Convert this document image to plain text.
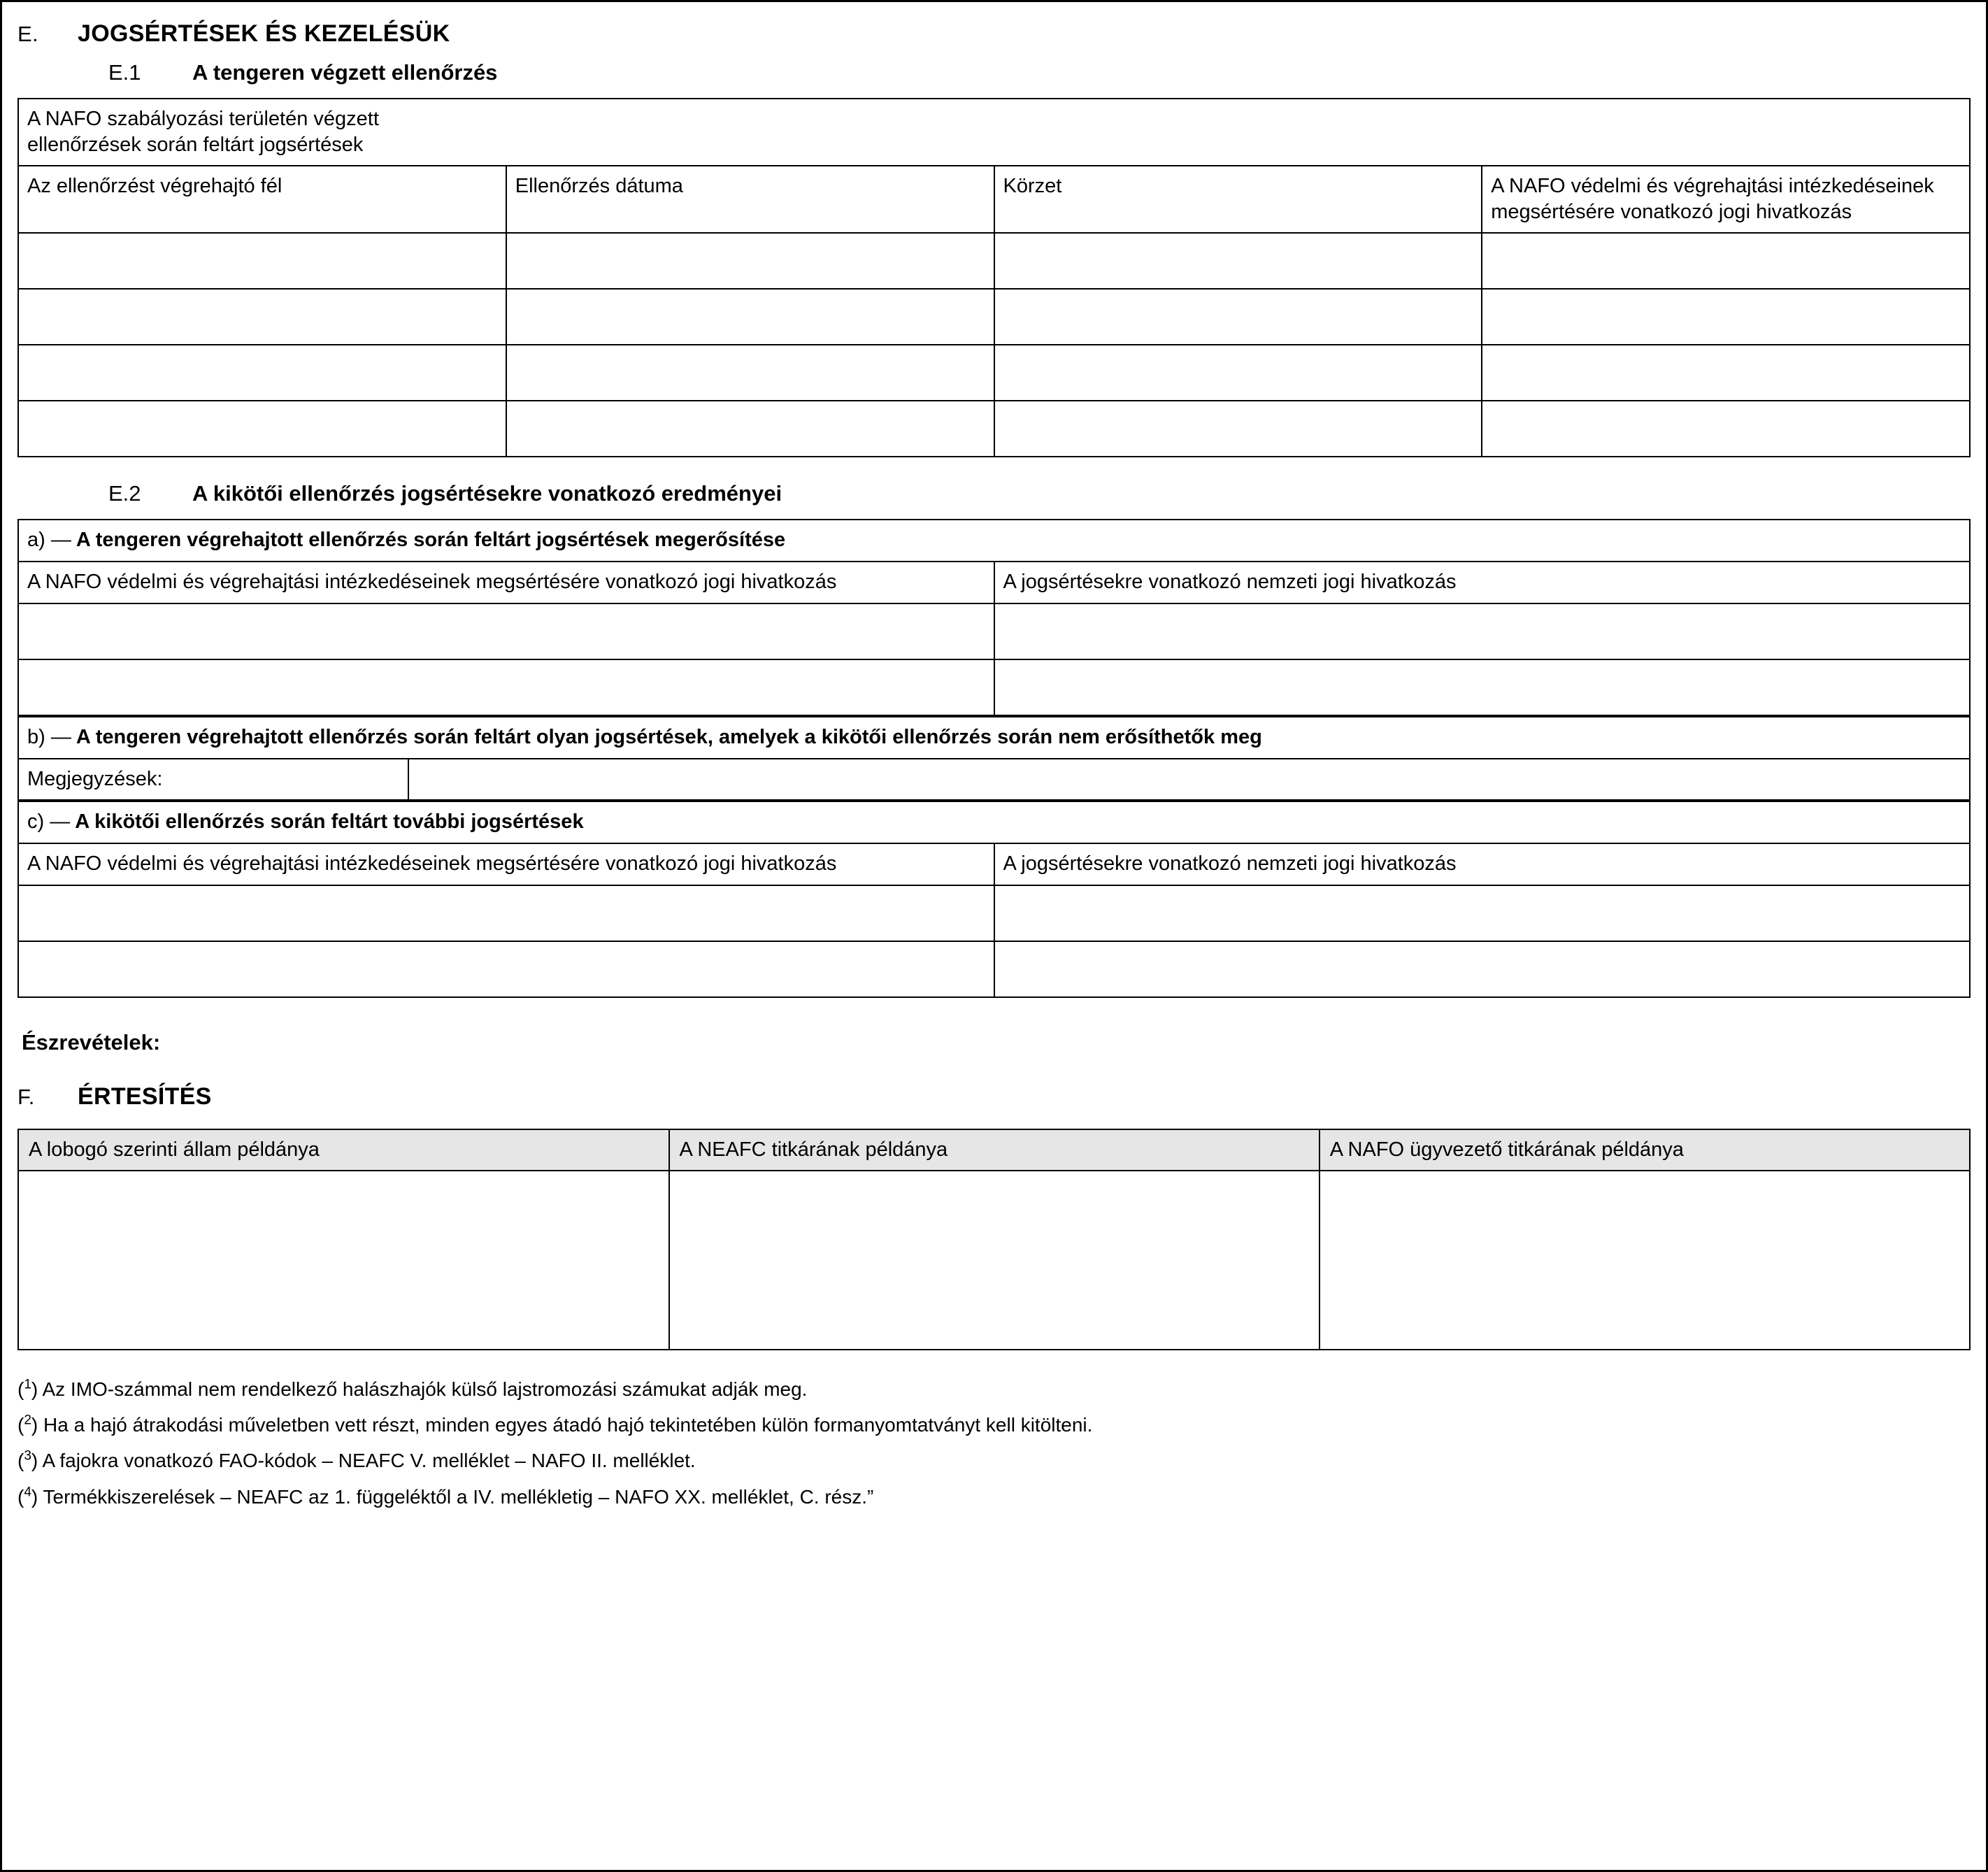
E.	JOGSÉRTÉSEK ÉS KEZELÉSÜK
E.1	A tengeren végzett ellenőrzés
A NAFO szabályozási területén végzett
ellenőrzések során feltárt jogsértések			
Az ellenőrzést végrehajtó fél	Ellenőrzés dátuma	Körzet	A NAFO védelmi és végrehajtási intézkedéseinek megsértésére vonatkozó jogi hivatkozás

E.2	A kikötői ellenőrzés jogsértésekre vonatkozó eredményei
a) — A tengeren végrehajtott ellenőrzés során feltárt jogsértések megerősítése	
A NAFO védelmi és végrehajtási intézkedéseinek megsértésére vonatkozó jogi hivatkozás	A jogsértésekre vonatkozó nemzeti jogi hivatkozás

b) — A tengeren végrehajtott ellenőrzés során feltárt olyan jogsértések, amelyek a kikötői ellenőrzés során nem erősíthetők meg
Megjegyzések:	
c) — A kikötői ellenőrzés során feltárt további jogsértések	
A NAFO védelmi és végrehajtási intézkedéseinek megsértésére vonatkozó jogi hivatkozás	A jogsértésekre vonatkozó nemzeti jogi hivatkozás

Észrevételek:
F.	ÉRTESÍTÉS
A lobogó szerinti állam példánya	A NEAFC titkárának példánya	A NAFO ügyvezető titkárának példánya

($^1$) Az IMO-számmal nem rendelkező halászhajók külső lajstromozási számukat adják meg.
($^2$) Ha a hajó átrakodási műveletben vett részt, minden egyes átadó hajó tekintetében külön formanyomtatványt kell kitölteni.
($^3$) A fajokra vonatkozó FAO-kódok – NEAFC V. melléklet – NAFO II. melléklet.
($^4$) Termékkiszerelések – NEAFC az 1. függeléktől a IV. mellékletig – NAFO XX. melléklet, C. rész.”
